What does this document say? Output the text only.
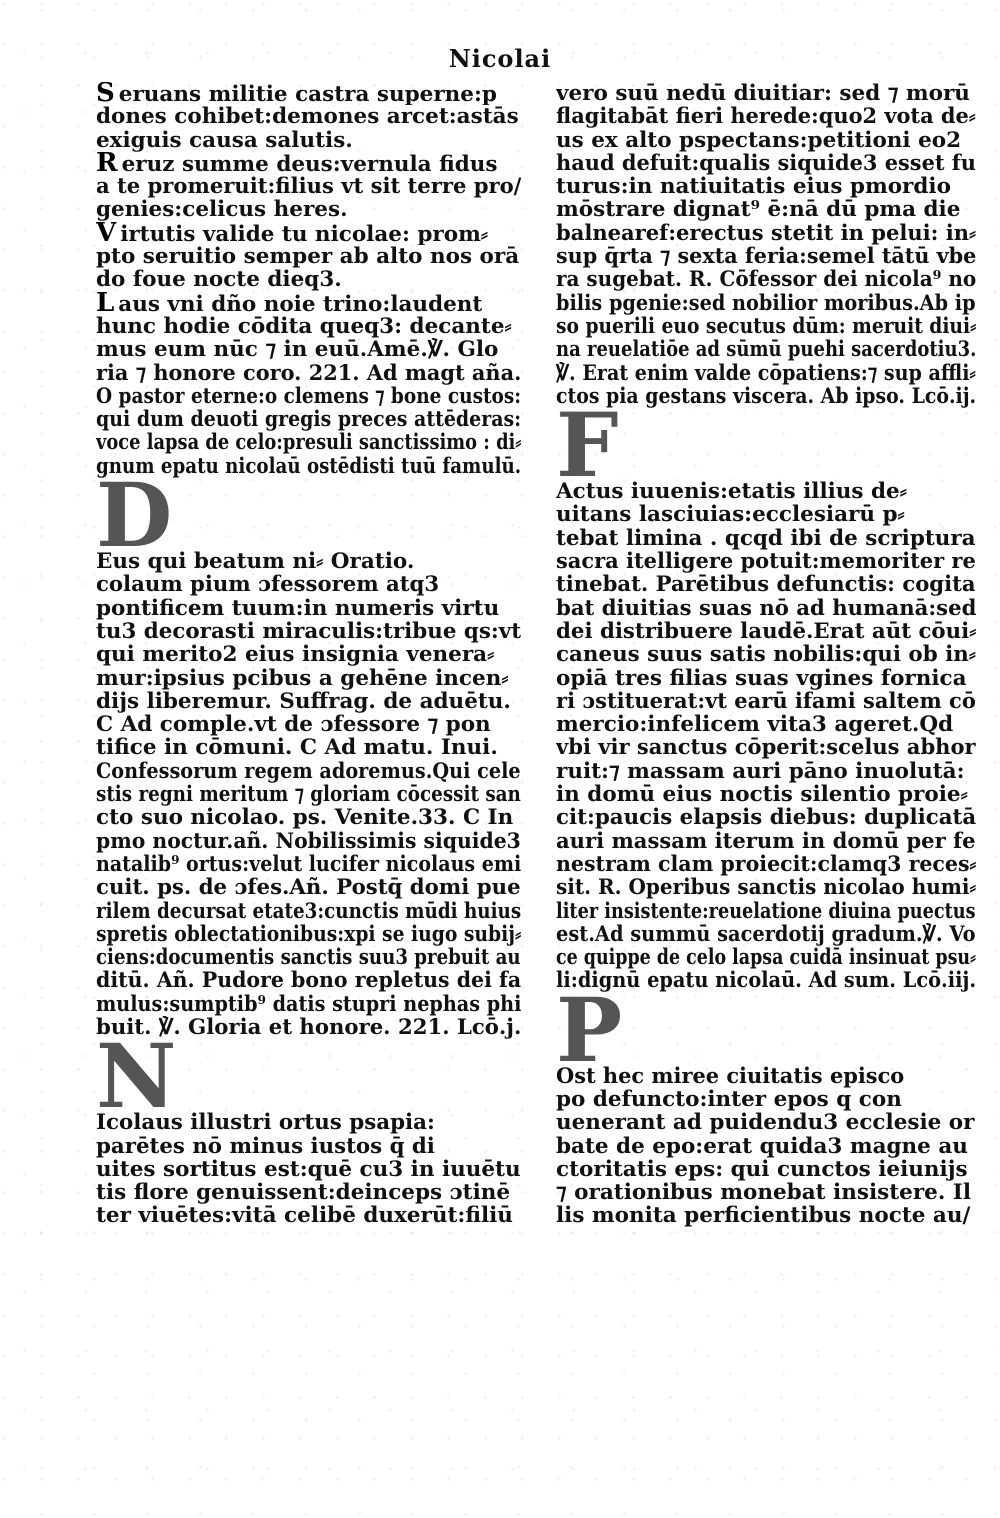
Nicolai
S eruans militie castra superne:p
dones cohibet:demones arcet:astās
exiguis causa salutis.
R eruz summe deus:vernula fidus
a te promeruit:filius vt sit terre pro/
genies:celicus heres.
V irtutis valide tu nicolae: prom⸗
pto seruitio semper ab alto nos orā
do foue nocte dieq3.
L aus vni dño noie trino:laudent
hunc hodie cōdita queq3: decante⸗
mus eum nūc ⁊ in euū.Amē.℣. Glo
ria ⁊ honore coro. 221. Ad magt aña.
O pastor eterne:o clemens ⁊ bone custos:
qui dum deuoti gregis preces attēderas:
voce lapsa de celo:presuli sanctissimo : di⸗
gnum epatu nicolaū ostēdisti tuū famulū.
D
Eus qui beatum ni⸗ Oratio.
colaum pium ɔfessorem atq3
pontificem tuum:in numeris virtu
tu3 decorasti miraculis:tribue qs:vt
qui merito2 eius insignia venera⸗
mur:ipsius pcibus a gehēne incen⸗
dijs liberemur. Suffrag. de aduētu.
C Ad comple.vt de ɔfessore ⁊ pon
tifice in cōmuni. C Ad matu. Inui.
Confessorum regem adoremus.Qui cele
stis regni meritum ⁊ gloriam cōcessit san
cto suo nicolao. ps. Venite.33. C In
pmo noctur.añ. Nobilissimis siquide3
natalib⁹ ortus:velut lucifer nicolaus emi
cuit. ps. de ɔfes.Añ. Postq̄ domi pue
rilem decursat etate3:cunctis mūdi huius
spretis oblectationibus:xpi se iugo subij⸗
ciens:documentis sanctis suu3 prebuit au
ditū. Añ. Pudore bono repletus dei fa
mulus:sumptib⁹ datis stupri nephas phi
buit. ℣. Gloria et honore. 221. Lcō.j.
N
Icolaus illustri ortus psapia:
parētes nō minus iustos q̄ di
uites sortitus est:quē cu3 in iuuētu
tis flore genuissent:deinceps ɔtinē
ter viuētes:vitā celibē duxerūt:filiū
vero suū nedū diuitiar: sed ⁊ morū
flagitabāt fieri herede:quo2 vota de⸗
us ex alto pspectans:petitioni eo2
haud defuit:qualis siquide3 esset fu
turus:in natiuitatis eius pmordio
mōstrare dignat⁹ ē:nā dū pma die
balnearef:erectus stetit in pelui: in⸗
sup q̄rta ⁊ sexta feria:semel tātū vbe
ra sugebat. R. Cōfessor dei nicola⁹ no
bilis pgenie:sed nobilior moribus.Ab ip
so puerili euo secutus dūm: meruit diui⸗
na reuelatiōe ad sūmū puehi sacerdotiu3.
℣. Erat enim valde cōpatiens:⁊ sup affli⸗
ctos pia gestans viscera. Ab ipso. Lcō.ij.
F
Actus iuuenis:etatis illius de⸗
uitans lasciuias:ecclesiarū p⸗
tebat limina . qcqd ibi de scriptura
sacra itelligere potuit:memoriter re
tinebat. Parētibus defunctis: cogita
bat diuitias suas nō ad humanā:sed
dei distribuere laudē.Erat aūt cōui⸗
caneus suus satis nobilis:qui ob in⸗
opiā tres filias suas vgines fornica
ri ɔstituerat:vt earū ifami saltem cō
mercio:infelicem vita3 ageret.Qd
vbi vir sanctus cōperit:scelus abhor
ruit:⁊ massam auri pāno inuolutā:
in domū eius noctis silentio proie⸗
cit:paucis elapsis diebus: duplicatā
auri massam iterum in domū per fe
nestram clam proiecit:clamq3 reces⸗
sit. R. Operibus sanctis nicolao humi⸗
liter insistente:reuelatione diuina puectus
est.Ad summū sacerdotij gradum.℣. Vo
ce quippe de celo lapsa cuidā insinuat psu⸗
li:dignū epatu nicolaū. Ad sum. Lcō.iij.
P
Ost hec miree ciuitatis episco
po defuncto:inter epos q con
uenerant ad puidendu3 ecclesie or
bate de epo:erat quida3 magne au
ctoritatis eps: qui cunctos ieiunijs
⁊ orationibus monebat insistere. Il
lis monita perficientibus nocte au/
